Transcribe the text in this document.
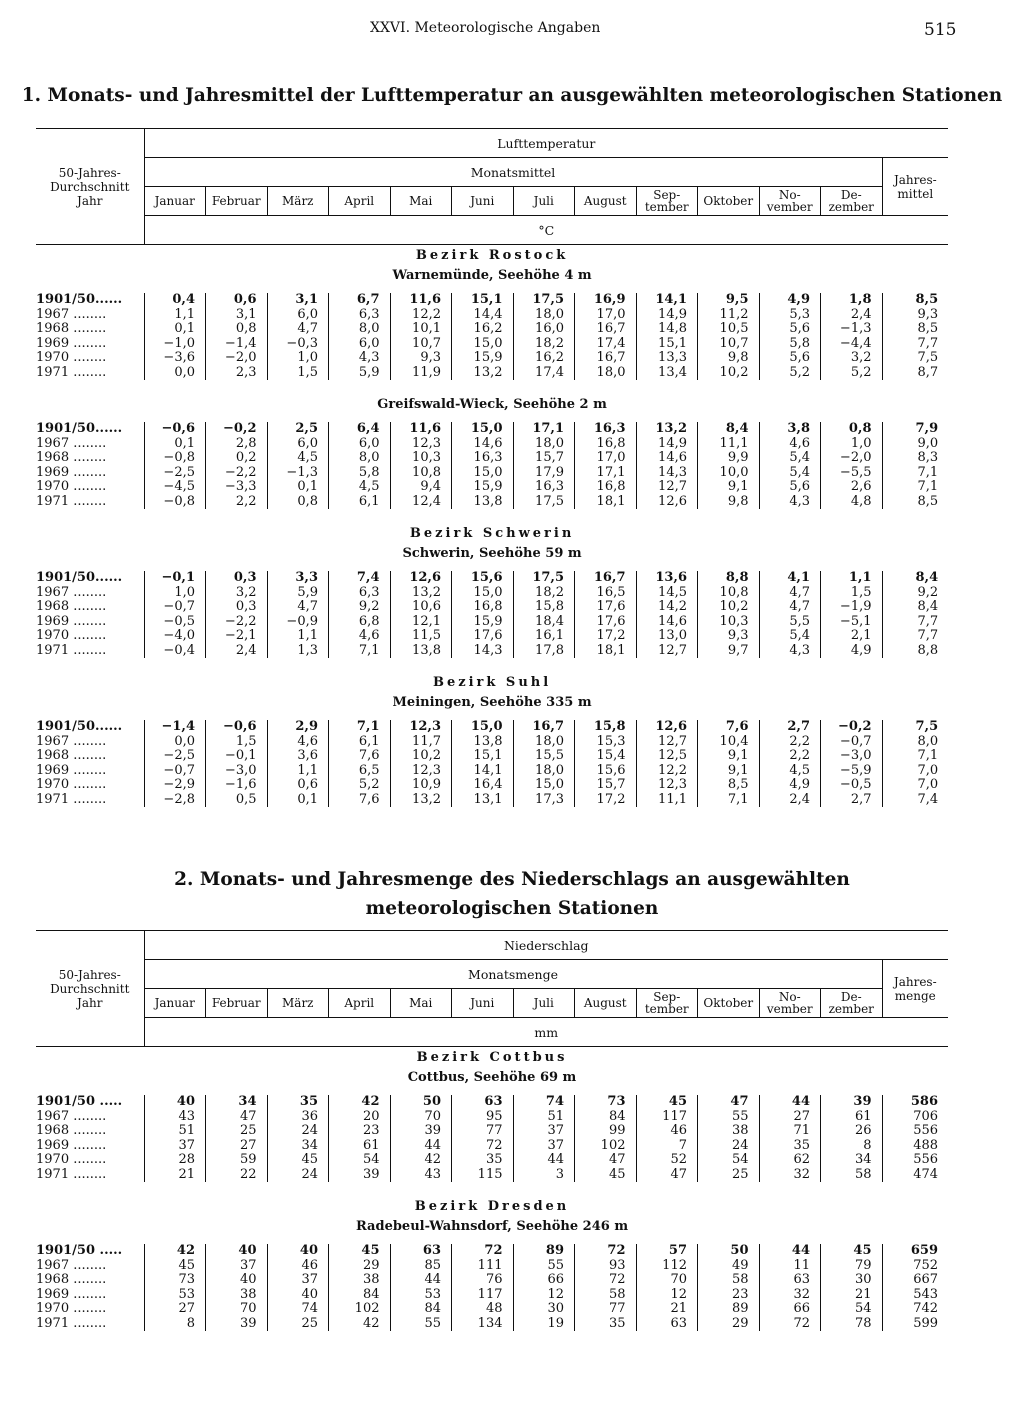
XXVI. Meteorologische Angaben	515
1. Monats- und Jahresmittel der Lufttemperatur an ausgewählten meteorologischen Stationen
50-Jahres-
Durchschnitt
Jahr	Lufttemperatur												
	Monatsmittel												Jahres-
mittel
	Januar	Februar	März	April	Mai	Juni	Juli	August	Sep-
tember	Oktober	No-
vember	De-
zember	
	°C												
Bezirk Rostock													
Warnemünde, Seehöhe 4 m													

1901/50......	0,4	0,6	3,1	6,7	11,6	15,1	17,5	16,9	14,1	9,5	4,9	1,8	8,5
1967 ........	1,1	3,1	6,0	6,3	12,2	14,4	18,0	17,0	14,9	11,2	5,3	2,4	9,3
1968 ........	0,1	0,8	4,7	8,0	10,1	16,2	16,0	16,7	14,8	10,5	5,6	−1,3	8,5
1969 ........	−1,0	−1,4	−0,3	6,0	10,7	15,0	18,2	17,4	15,1	10,7	5,8	−4,4	7,7
1970 ........	−3,6	−2,0	1,0	4,3	9,3	15,9	16,2	16,7	13,3	9,8	5,6	3,2	7,5
1971 ........	0,0	2,3	1,5	5,9	11,9	13,2	17,4	18,0	13,4	10,2	5,2	5,2	8,7

Greifswald-Wieck, Seehöhe 2 m													

1901/50......	−0,6	−0,2	2,5	6,4	11,6	15,0	17,1	16,3	13,2	8,4	3,8	0,8	7,9
1967 ........	0,1	2,8	6,0	6,0	12,3	14,6	18,0	16,8	14,9	11,1	4,6	1,0	9,0
1968 ........	−0,8	0,2	4,5	8,0	10,3	16,3	15,7	17,0	14,6	9,9	5,4	−2,0	8,3
1969 ........	−2,5	−2,2	−1,3	5,8	10,8	15,0	17,9	17,1	14,3	10,0	5,4	−5,5	7,1
1970 ........	−4,5	−3,3	0,1	4,5	9,4	15,9	16,3	16,8	12,7	9,1	5,6	2,6	7,1
1971 ........	−0,8	2,2	0,8	6,1	12,4	13,8	17,5	18,1	12,6	9,8	4,3	4,8	8,5

Bezirk Schwerin													
Schwerin, Seehöhe 59 m													

1901/50......	−0,1	0,3	3,3	7,4	12,6	15,6	17,5	16,7	13,6	8,8	4,1	1,1	8,4
1967 ........	1,0	3,2	5,9	6,3	13,2	15,0	18,2	16,5	14,5	10,8	4,7	1,5	9,2
1968 ........	−0,7	0,3	4,7	9,2	10,6	16,8	15,8	17,6	14,2	10,2	4,7	−1,9	8,4
1969 ........	−0,5	−2,2	−0,9	6,8	12,1	15,9	18,4	17,6	14,6	10,3	5,5	−5,1	7,7
1970 ........	−4,0	−2,1	1,1	4,6	11,5	17,6	16,1	17,2	13,0	9,3	5,4	2,1	7,7
1971 ........	−0,4	2,4	1,3	7,1	13,8	14,3	17,8	18,1	12,7	9,7	4,3	4,9	8,8

Bezirk Suhl													
Meiningen, Seehöhe 335 m													

1901/50......	−1,4	−0,6	2,9	7,1	12,3	15,0	16,7	15,8	12,6	7,6	2,7	−0,2	7,5
1967 ........	0,0	1,5	4,6	6,1	11,7	13,8	18,0	15,3	12,7	10,4	2,2	−0,7	8,0
1968 ........	−2,5	−0,1	3,6	7,6	10,2	15,1	15,5	15,4	12,5	9,1	2,2	−3,0	7,1
1969 ........	−0,7	−3,0	1,1	6,5	12,3	14,1	18,0	15,6	12,2	9,1	4,5	−5,9	7,0
1970 ........	−2,9	−1,6	0,6	5,2	10,9	16,4	15,0	15,7	12,3	8,5	4,9	−0,5	7,0
1971 ........	−2,8	0,5	0,1	7,6	13,2	13,1	17,3	17,2	11,1	7,1	2,4	2,7	7,4
2. Monats- und Jahresmenge des Niederschlags an ausgewählten
meteorologischen Stationen
50-Jahres-
Durchschnitt
Jahr	Niederschlag												
	Monatsmenge												Jahres-
menge
	Januar	Februar	März	April	Mai	Juni	Juli	August	Sep-
tember	Oktober	No-
vember	De-
zember	
	mm												
Bezirk Cottbus													
Cottbus, Seehöhe 69 m													

1901/50 .....	40	34	35	42	50	63	74	73	45	47	44	39	586
1967 ........	43	47	36	20	70	95	51	84	117	55	27	61	706
1968 ........	51	25	24	23	39	77	37	99	46	38	71	26	556
1969 ........	37	27	34	61	44	72	37	102	7	24	35	8	488
1970 ........	28	59	45	54	42	35	44	47	52	54	62	34	556
1971 ........	21	22	24	39	43	115	3	45	47	25	32	58	474

Bezirk Dresden													
Radebeul-Wahnsdorf, Seehöhe 246 m													

1901/50 .....	42	40	40	45	63	72	89	72	57	50	44	45	659
1967 ........	45	37	46	29	85	111	55	93	112	49	11	79	752
1968 ........	73	40	37	38	44	76	66	72	70	58	63	30	667
1969 ........	53	38	40	84	53	117	12	58	12	23	32	21	543
1970 ........	27	70	74	102	84	48	30	77	21	89	66	54	742
1971 ........	8	39	25	42	55	134	19	35	63	29	72	78	599
